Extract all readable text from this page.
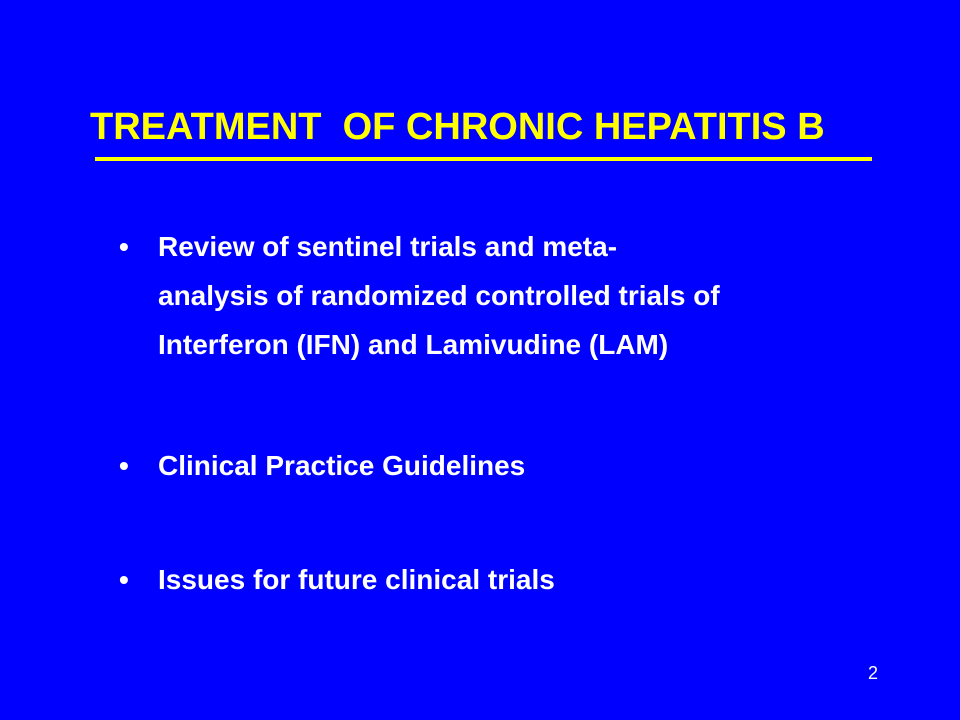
TREATMENT  OF CHRONIC HEPATITIS B
• Review of sentinel trials and meta-
analysis of randomized controlled trials of
Interferon (IFN) and Lamivudine (LAM)
• Clinical Practice Guidelines
• Issues for future clinical trials
2
